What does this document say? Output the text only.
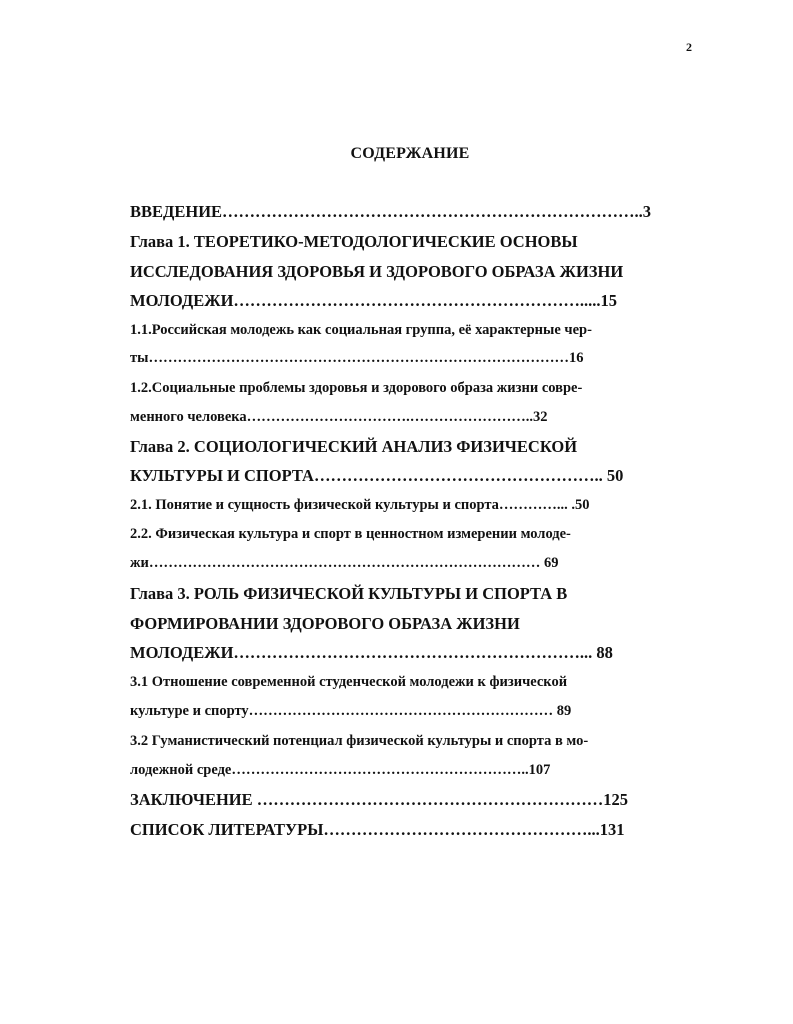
2
СОДЕРЖАНИЕ
ВВЕДЕНИЕ…………………………………………………………………..3
Глава 1. ТЕОРЕТИКО-МЕТОДОЛОГИЧЕСКИЕ ОСНОВЫ
ИССЛЕДОВАНИЯ ЗДОРОВЬЯ И ЗДОРОВОГО ОБРАЗА ЖИЗНИ
МОЛОДЕЖИ……………………………………………………….....15
1.1.Российская молодежь как социальная группа, её характерные чер-
ты……………………………………………………………………………16
1.2.Социальные проблемы здоровья и здорового образа жизни совре-
менного человека…………………………….……………………..32
Глава 2. СОЦИОЛОГИЧЕСКИЙ АНАЛИЗ ФИЗИЧЕСКОЙ
КУЛЬТУРЫ И СПОРТА…………………………………………….. 50
2.1. Понятие и сущность физической культуры и спорта…………... .50
2.2. Физическая культура и спорт в ценностном измерении молоде-
жи……………………………………………………………………… 69
Глава 3. РОЛЬ ФИЗИЧЕСКОЙ КУЛЬТУРЫ И СПОРТА В
ФОРМИРОВАНИИ ЗДОРОВОГО ОБРАЗА ЖИЗНИ
МОЛОДЕЖИ………………………………………………………... 88
3.1 Отношение современной студенческой молодежи к физической
культуре и спорту……………………………………………………… 89
3.2 Гуманистический потенциал физической культуры и спорта в мо-
лодежной среде……………………………………………………..107
ЗАКЛЮЧЕНИЕ ………………………………………………………125
СПИСОК ЛИТЕРАТУРЫ…………………………………………...131
